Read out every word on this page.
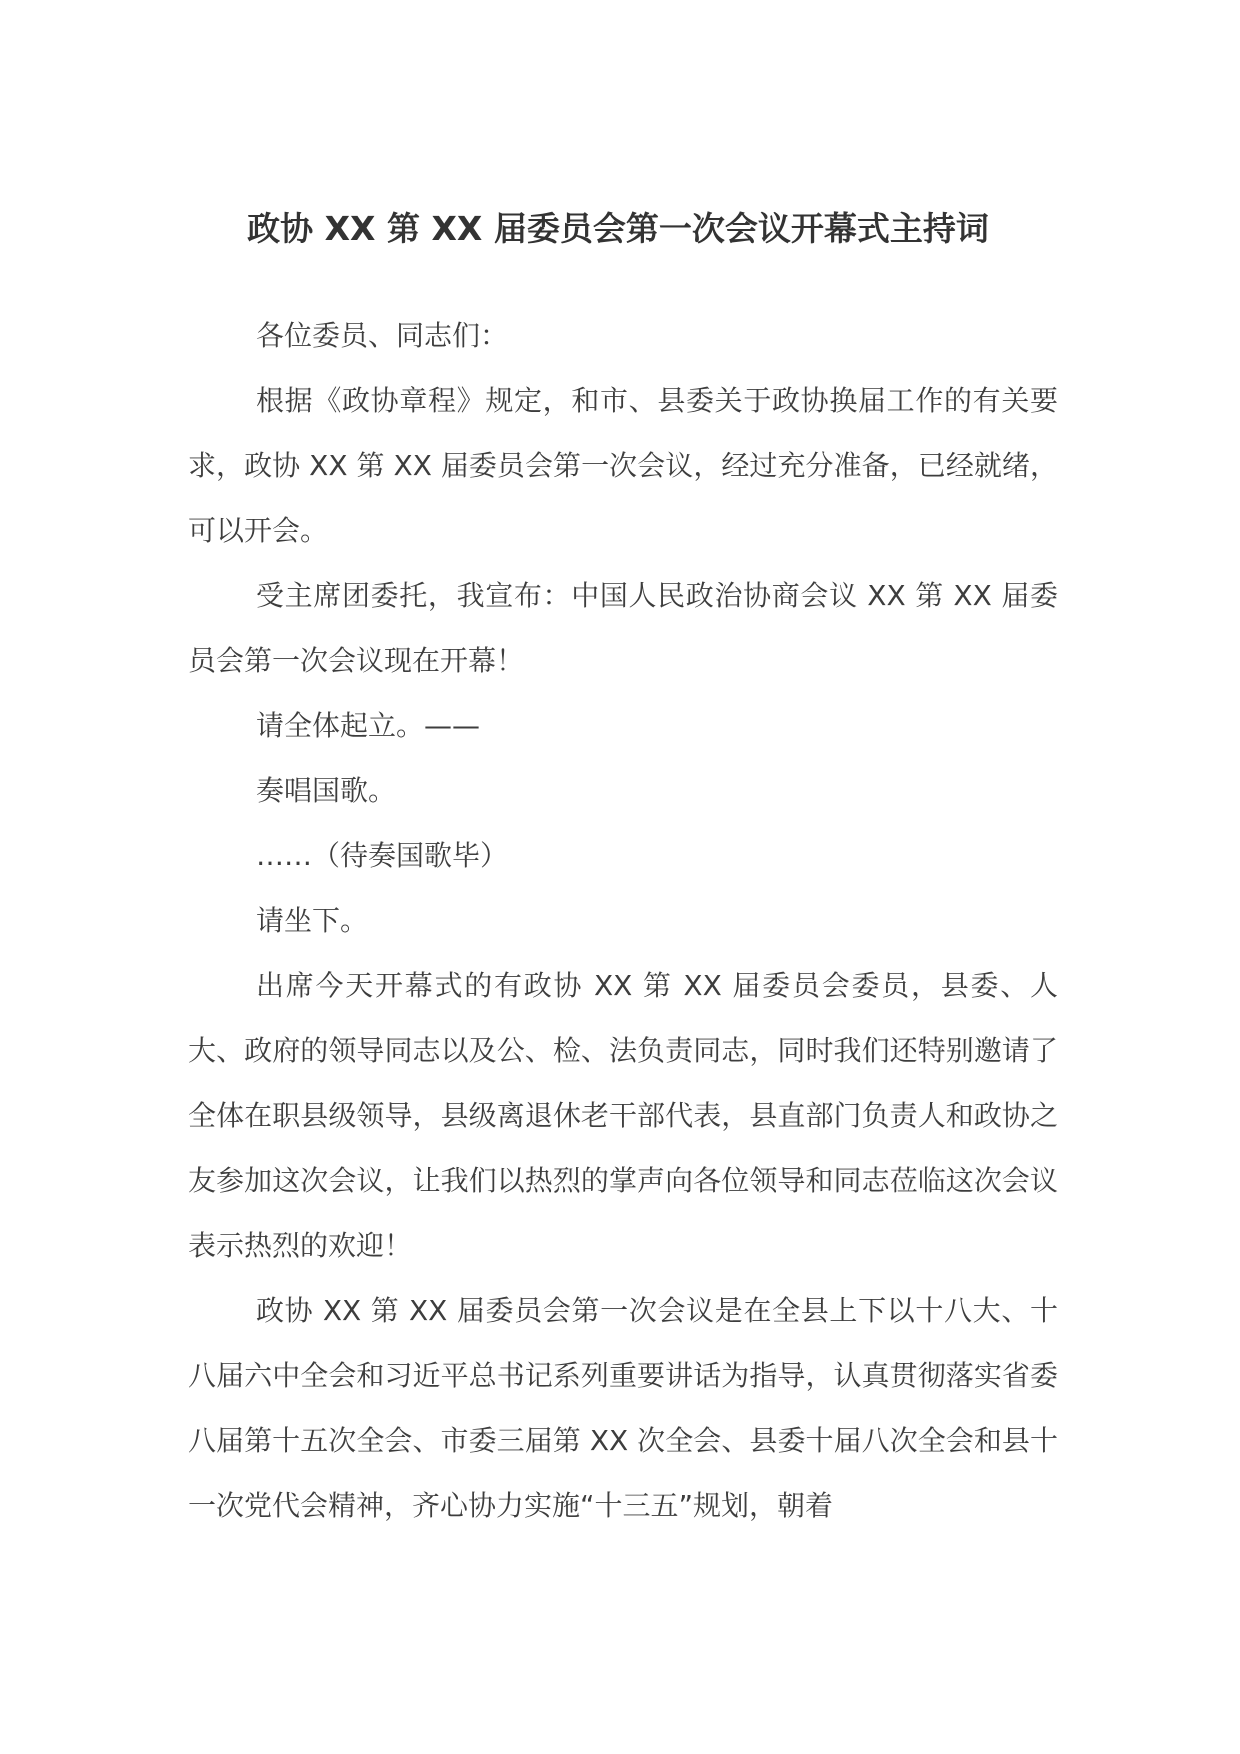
政协 XX 第 XX 届委员会第一次会议开幕式主持词

各位委员、同志们：

根据《政协章程》规定，和市、县委关于政协换届工作的有关要求，政协 XX 第 XX 届委员会第一次会议，经过充分准备，已经就绪，可以开会。

受主席团委托，我宣布：中国人民政治协商会议 XX 第 XX 届委员会第一次会议现在开幕！

请全体起立。——

奏唱国歌。

……（待奏国歌毕）

请坐下。

出席今天开幕式的有政协 XX 第 XX 届委员会委员，县委、人大、政府的领导同志以及公、检、法负责同志，同时我们还特别邀请了全体在职县级领导，县级离退休老干部代表，县直部门负责人和政协之友参加这次会议，让我们以热烈的掌声向各位领导和同志莅临这次会议表示热烈的欢迎！

政协 XX 第 XX 届委员会第一次会议是在全县上下以十八大、十八届六中全会和习近平总书记系列重要讲话为指导，认真贯彻落实省委八届第十五次全会、市委三届第 XX 次全会、县委十届八次全会和县十一次党代会精神，齐心协力实施“十三五”规划，朝着
